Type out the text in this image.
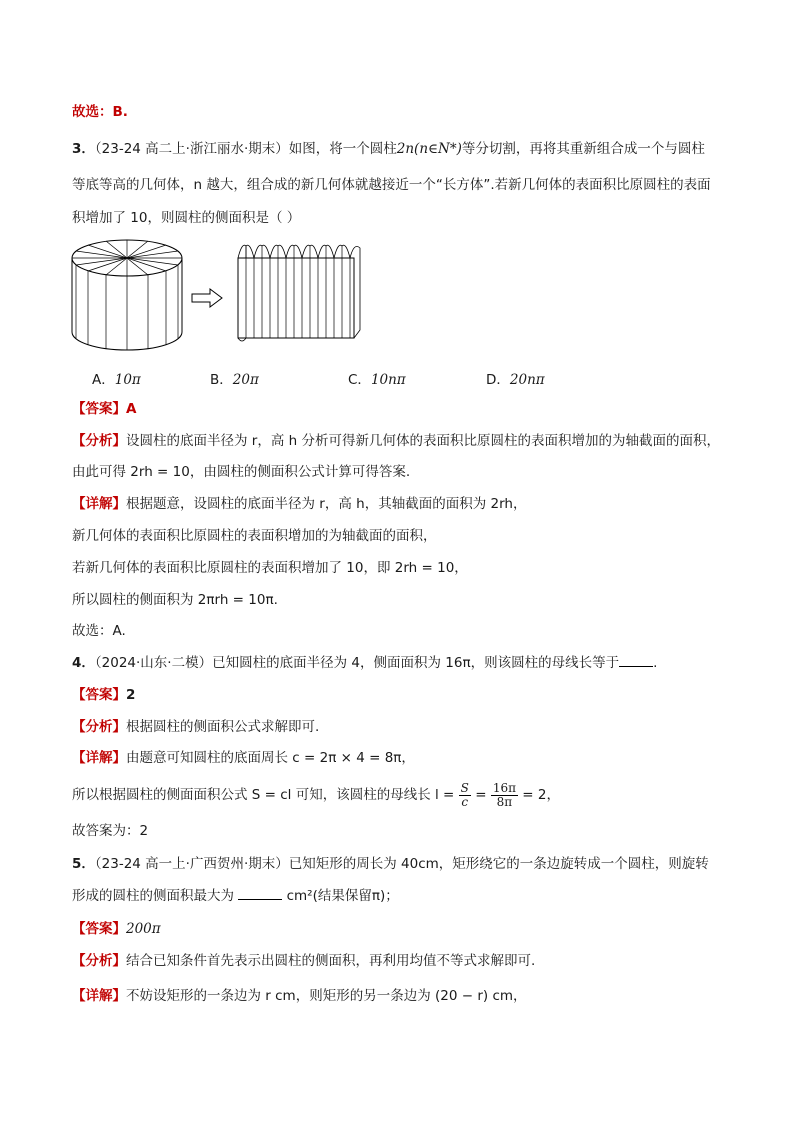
故选：B.
3．（23-24 高二上·浙江丽水·期末）如图，将一个圆柱2n(n∈N*)等分切割，再将其重新组合成一个与圆柱
等底等高的几何体，n 越大，组合成的新几何体就越接近一个“长方体”.若新几何体的表面积比原圆柱的表面
积增加了 10，则圆柱的侧面积是（ ）
A．10π	B．20π	C．10nπ	D．20nπ
【答案】A
【分析】设圆柱的底面半径为 r，高 h 分析可得新几何体的表面积比原圆柱的表面积增加的为轴截面的面积，
由此可得 2rh = 10，由圆柱的侧面积公式计算可得答案.
【详解】根据题意，设圆柱的底面半径为 r，高 h，其轴截面的面积为 2rh，
新几何体的表面积比原圆柱的表面积增加的为轴截面的面积，
若新几何体的表面积比原圆柱的表面积增加了 10，即 2rh = 10，
所以圆柱的侧面积为 2πrh = 10π.
故选：A.
4．（2024·山东·二模）已知圆柱的底面半径为 4，侧面面积为 16π，则该圆柱的母线长等于	.
【答案】2
【分析】根据圆柱的侧面积公式求解即可.
【详解】由题意可知圆柱的底面周长 c = 2π × 4 = 8π，
所以根据圆柱的侧面面积公式 S = cl 可知，该圆柱的母线长 $l = \frac{S}{c} = \frac{16\pi}{8\pi} = 2$，
故答案为：2
5．（23-24 高一上·广西贺州·期末）已知矩形的周长为 40cm，矩形绕它的一条边旋转成一个圆柱，则旋转
形成的圆柱的侧面积最大为	cm²(结果保留π)；
【答案】200π
【分析】结合已知条件首先表示出圆柱的侧面积，再利用均值不等式求解即可.
【详解】不妨设矩形的一条边为 r cm，则矩形的另一条边为 (20 − r) cm，
